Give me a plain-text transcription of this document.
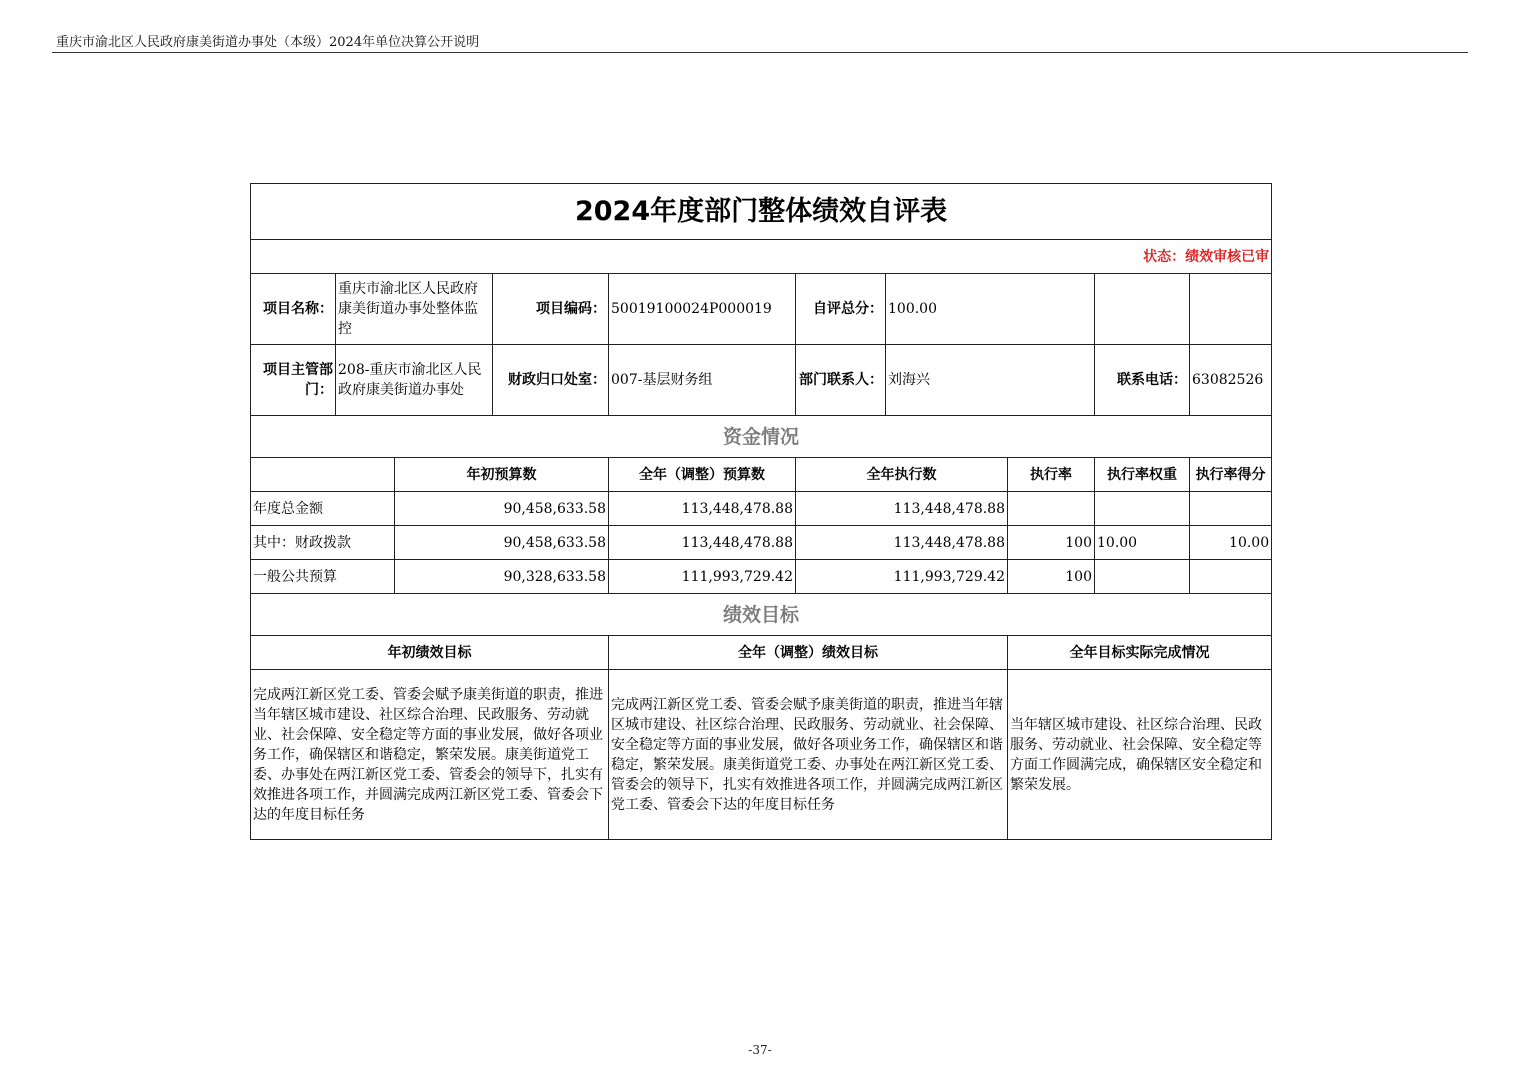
重庆市渝北区人民政府康美街道办事处（本级）2024年单位决算公开说明
2024年度部门整体绩效自评表									
状态：绩效审核已审									
项目名称：	重庆市渝北区人民政府康美街道办事处整体监控		项目编码：	50019100024P000019	自评总分：	100.00			
项目主管部门：	208-重庆市渝北区人民政府康美街道办事处		财政归口处室：	007-基层财务组	部门联系人：	刘海兴		联系电话：	63082526
资金情况									
		年初预算数		全年（调整）预算数	全年执行数		执行率	执行率权重	执行率得分
年度总金额		90,458,633.58		113,448,478.88	113,448,478.88				
其中：财政拨款		90,458,633.58		113,448,478.88	113,448,478.88		100	10.00	10.00
一般公共预算		90,328,633.58		111,993,729.42	111,993,729.42		100		
绩效目标									
年初绩效目标				全年（调整）绩效目标			全年目标实际完成情况		
完成两江新区党工委、管委会赋予康美街道的职责，推进当年辖区城市建设、社区综合治理、民政服务、劳动就业、社会保障、安全稳定等方面的事业发展，做好各项业务工作，确保辖区和谐稳定，繁荣发展。康美街道党工委、办事处在两江新区党工委、管委会的领导下，扎实有效推进各项工作，并圆满完成两江新区党工委、管委会下达的年度目标任务				完成两江新区党工委、管委会赋予康美街道的职责，推进当年辖区城市建设、社区综合治理、民政服务、劳动就业、社会保障、安全稳定等方面的事业发展，做好各项业务工作，确保辖区和谐稳定，繁荣发展。康美街道党工委、办事处在两江新区党工委、管委会的领导下，扎实有效推进各项工作，并圆满完成两江新区党工委、管委会下达的年度目标任务			当年辖区城市建设、社区综合治理、民政服务、劳动就业、社会保障、安全稳定等方面工作圆满完成，确保辖区安全稳定和繁荣发展。		
-37-
